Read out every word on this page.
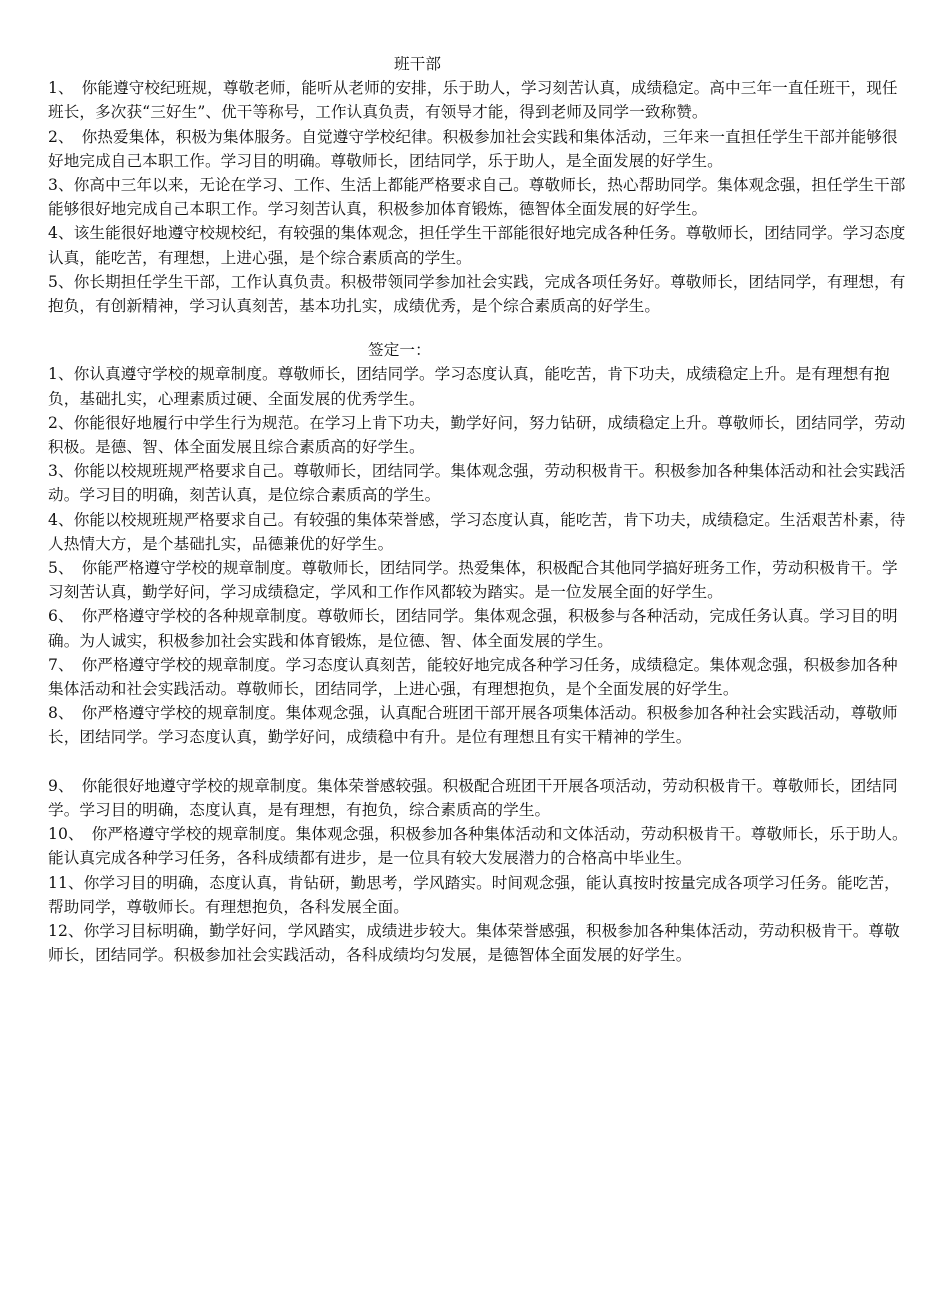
班干部

1、　你能遵守校纪班规，尊敬老师，能听从老师的安排，乐于助人，学习刻苦认真，成绩稳定。高中三年一直任班干，现任班长，多次获“三好生”、优干等称号，工作认真负责，有领导才能，得到老师及同学一致称赞。

2、　你热爱集体，积极为集体服务。自觉遵守学校纪律。积极参加社会实践和集体活动，三年来一直担任学生干部并能够很好地完成自己本职工作。学习目的明确。尊敬师长，团结同学，乐于助人，是全面发展的好学生。

3、你高中三年以来，无论在学习、工作、生活上都能严格要求自己。尊敬师长，热心帮助同学。集体观念强，担任学生干部能够很好地完成自己本职工作。学习刻苦认真，积极参加体育锻炼，德智体全面发展的好学生。

4、该生能很好地遵守校规校纪，有较强的集体观念，担任学生干部能很好地完成各种任务。尊敬师长，团结同学。学习态度认真，能吃苦，有理想，上进心强，是个综合素质高的学生。

5、你长期担任学生干部，工作认真负责。积极带领同学参加社会实践，完成各项任务好。尊敬师长，团结同学，有理想，有抱负，有创新精神，学习认真刻苦，基本功扎实，成绩优秀，是个综合素质高的好学生。

签定一：

1、你认真遵守学校的规章制度。尊敬师长，团结同学。学习态度认真，能吃苦，肯下功夫，成绩稳定上升。是有理想有抱负，基础扎实，心理素质过硬、全面发展的优秀学生。

2、你能很好地履行中学生行为规范。在学习上肯下功夫，勤学好问，努力钻研，成绩稳定上升。尊敬师长，团结同学，劳动积极。是德、智、体全面发展且综合素质高的好学生。

3、你能以校规班规严格要求自己。尊敬师长，团结同学。集体观念强，劳动积极肯干。积极参加各种集体活动和社会实践活动。学习目的明确，刻苦认真，是位综合素质高的学生。

4、你能以校规班规严格要求自己。有较强的集体荣誉感，学习态度认真，能吃苦，肯下功夫，成绩稳定。生活艰苦朴素，待人热情大方，是个基础扎实，品德兼优的好学生。

5、　你能严格遵守学校的规章制度。尊敬师长，团结同学。热爱集体，积极配合其他同学搞好班务工作，劳动积极肯干。学习刻苦认真，勤学好问，学习成绩稳定，学风和工作作风都较为踏实。是一位发展全面的好学生。

6、　你严格遵守学校的各种规章制度。尊敬师长，团结同学。集体观念强，积极参与各种活动，完成任务认真。学习目的明确。为人诚实，积极参加社会实践和体育锻炼，是位德、智、体全面发展的学生。

7、　你严格遵守学校的规章制度。学习态度认真刻苦，能较好地完成各种学习任务，成绩稳定。集体观念强，积极参加各种集体活动和社会实践活动。尊敬师长，团结同学，上进心强，有理想抱负，是个全面发展的好学生。

8、　你严格遵守学校的规章制度。集体观念强，认真配合班团干部开展各项集体活动。积极参加各种社会实践活动，尊敬师长，团结同学。学习态度认真，勤学好问，成绩稳中有升。是位有理想且有实干精神的学生。

9、　你能很好地遵守学校的规章制度。集体荣誉感较强。积极配合班团干开展各项活动，劳动积极肯干。尊敬师长，团结同学。学习目的明确，态度认真，是有理想，有抱负，综合素质高的学生。

10、　你严格遵守学校的规章制度。集体观念强，积极参加各种集体活动和文体活动，劳动积极肯干。尊敬师长，乐于助人。能认真完成各种学习任务，各科成绩都有进步，是一位具有较大发展潜力的合格高中毕业生。

11、你学习目的明确，态度认真，肯钻研，勤思考，学风踏实。时间观念强，能认真按时按量完成各项学习任务。能吃苦，帮助同学，尊敬师长。有理想抱负，各科发展全面。

12、你学习目标明确，勤学好问，学风踏实，成绩进步较大。集体荣誉感强，积极参加各种集体活动，劳动积极肯干。尊敬师长，团结同学。积极参加社会实践活动，各科成绩均匀发展，是德智体全面发展的好学生。
